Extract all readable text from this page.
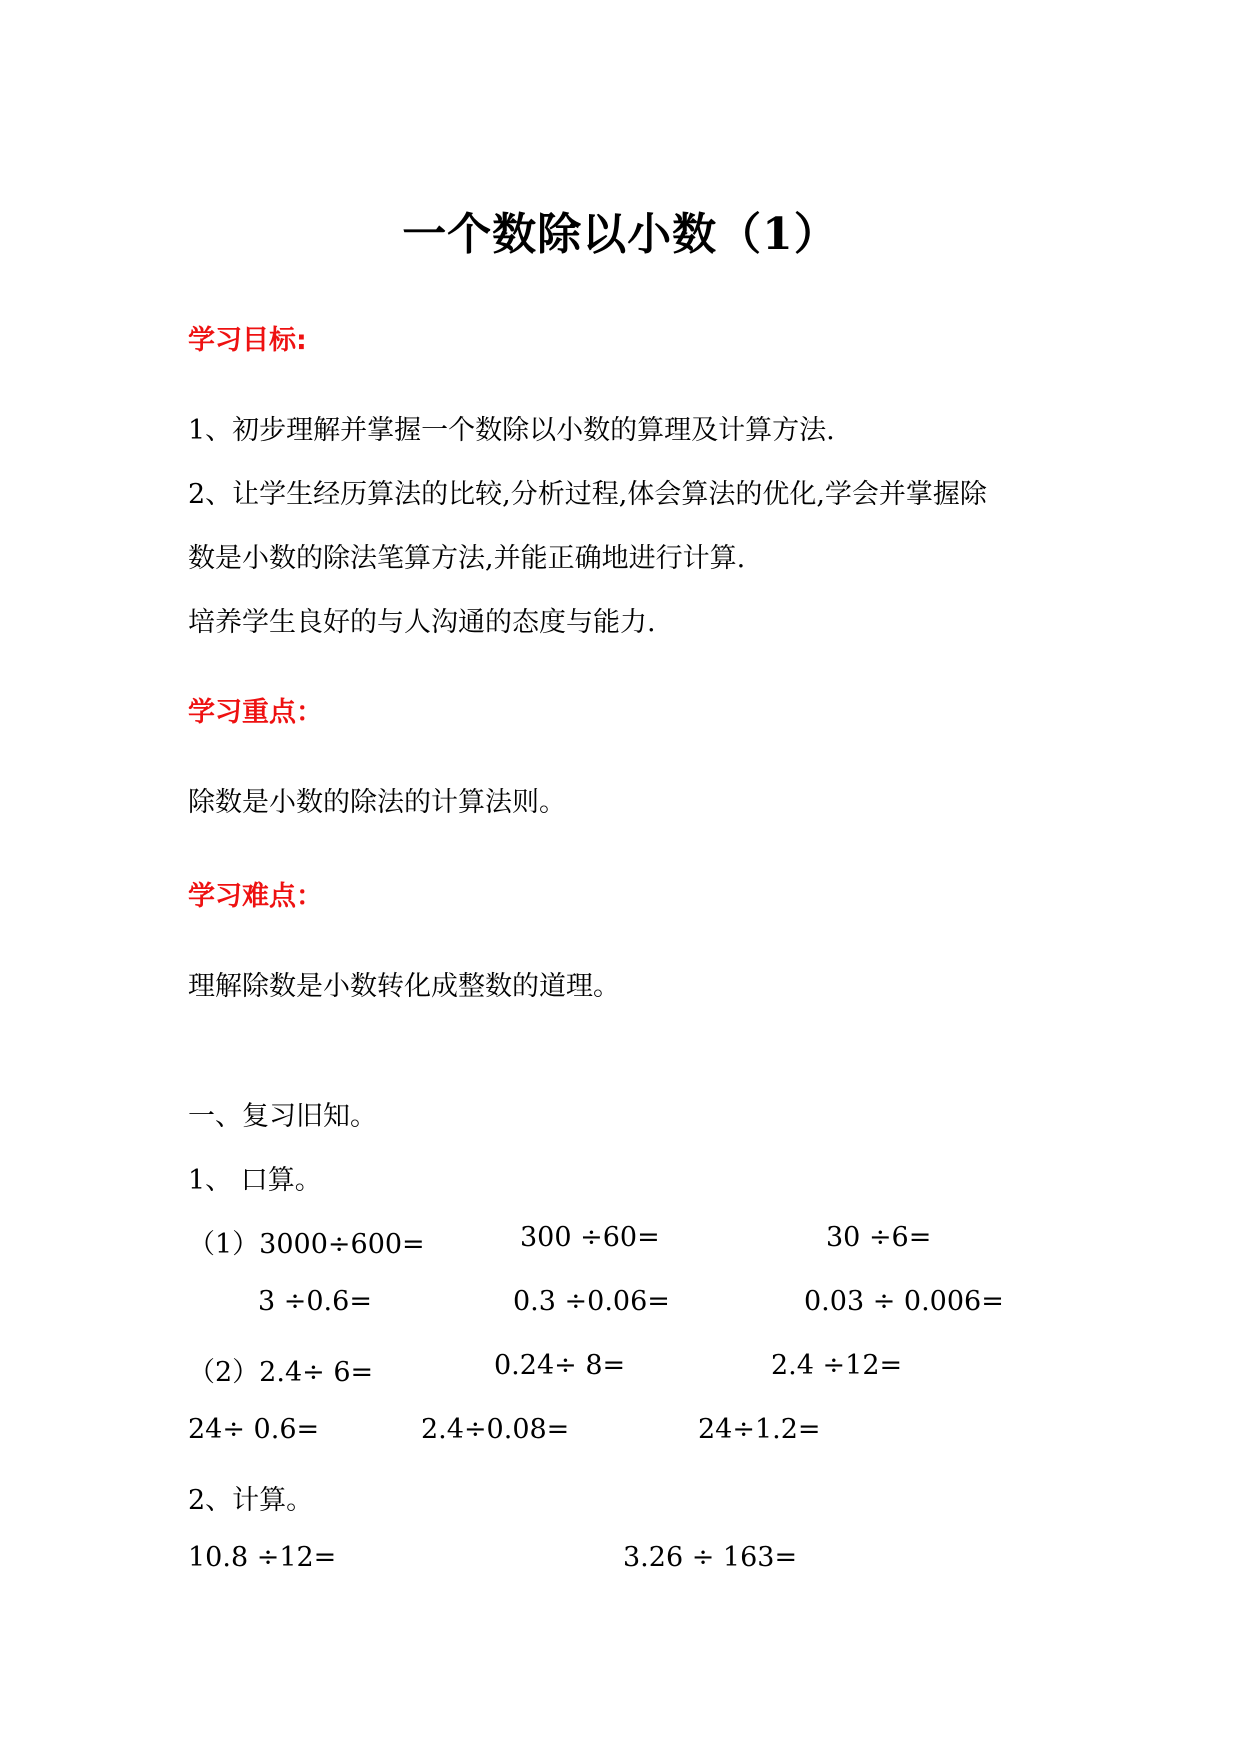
一个数除以小数（1）
学习目标:
1、初步理解并掌握一个数除以小数的算理及计算方法.
2、让学生经历算法的比较,分析过程,体会算法的优化,学会并掌握除
数是小数的除法笔算方法,并能正确地进行计算.
培养学生良好的与人沟通的态度与能力.
学习重点：
除数是小数的除法的计算法则。
学习难点：
理解除数是小数转化成整数的道理。
一、复习旧知。
1、 口算。
（1）3000÷600=	300 ÷60=	30 ÷6=
3 ÷0.6=	0.3 ÷0.06=	0.03 ÷ 0.006=
（2）2.4÷ 6=	0.24÷ 8=	2.4 ÷12=
24÷ 0.6=	2.4÷0.08=	24÷1.2=
2、计算。
10.8 ÷12=	3.26 ÷ 163=
